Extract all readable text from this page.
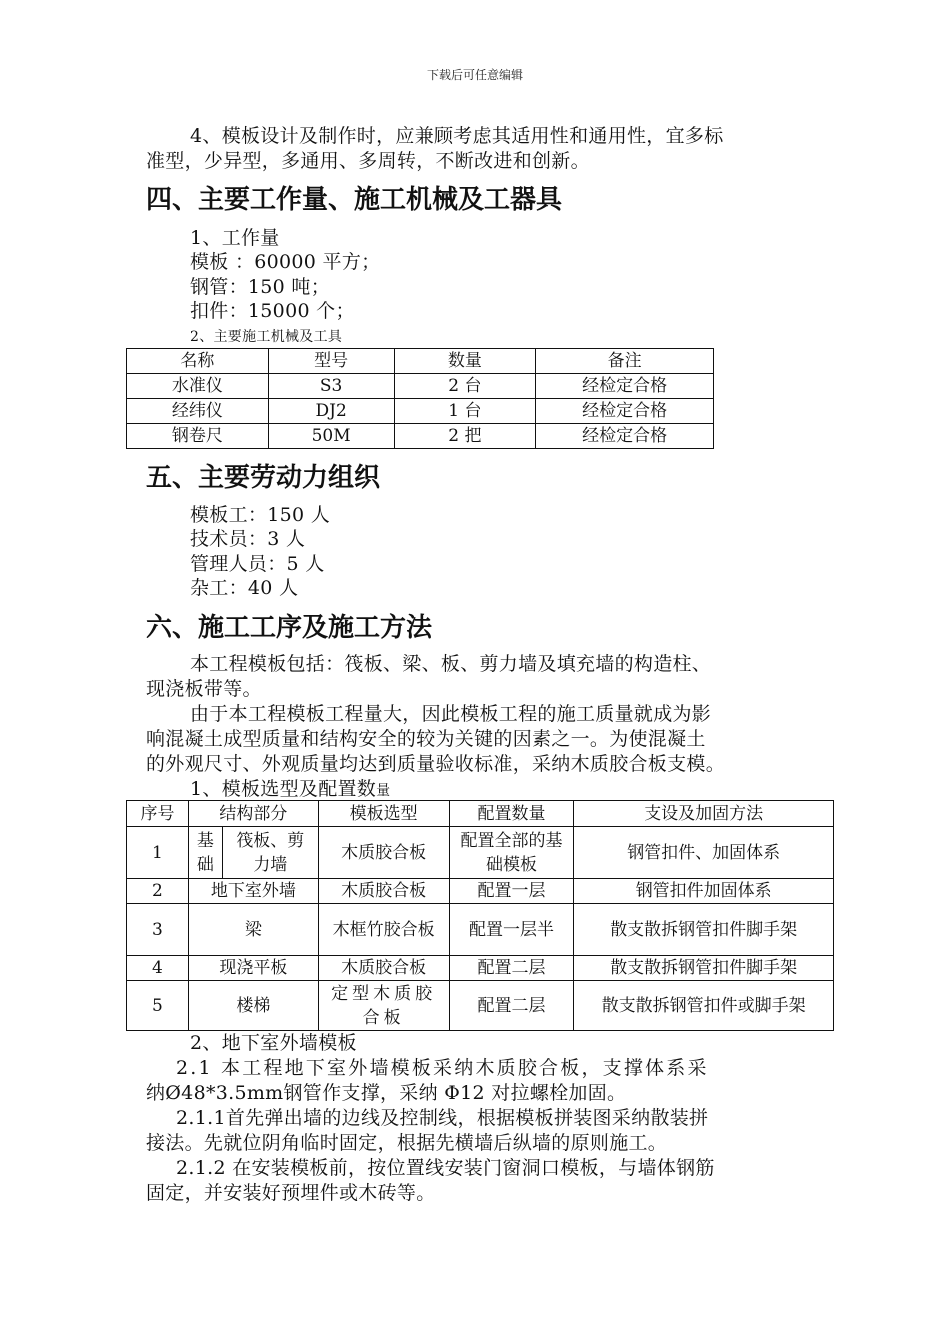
下载后可任意编辑
4、模板设计及制作时，应兼顾考虑其适用性和通用性，宜多标
准型，少异型，多通用、多周转，不断改进和创新。
四、主要工作量、施工机械及工器具
1、工作量
模板 ：60000 平方；
钢管：150 吨；
扣件：15000 个；
2、主要施工机械及工具
名称	型号	数量	备注
水准仪	S3	2 台	经检定合格
经纬仪	DJ2	1 台	经检定合格
钢卷尺	50M	2 把	经检定合格
五、主要劳动力组织
模板工：150 人
技术员：3 人
管理人员：5 人
杂工：40 人
六、施工工序及施工方法
本工程模板包括：筏板、梁、板、剪力墙及填充墙的构造柱、
现浇板带等。
由于本工程模板工程量大，因此模板工程的施工质量就成为影
响混凝土成型质量和结构安全的较为关键的因素之一。为使混凝土
的外观尺寸、外观质量均达到质量验收标准，采纳木质胶合板支模。
1、模板选型及配置数量
序号	结构部分		模板选型	配置数量	支设及加固方法
1	基础	筏板、剪力墙	木质胶合板	配置全部的基础模板	钢管扣件、加固体系
2	地下室外墙		木质胶合板	配置一层	钢管扣件加固体系
3	梁		木框竹胶合板	配置一层半	散支散拆钢管扣件脚手架
4	现浇平板		木质胶合板	配置二层	散支散拆钢管扣件脚手架
5	楼梯		定型木质胶合板	配置二层	散支散拆钢管扣件或脚手架
2、地下室外墙模板
2.1 本工程地下室外墙模板采纳木质胶合板，支撑体系采
纳Ø48*3.5mm钢管作支撑，采纳 Φ12 对拉螺栓加固。
2.1.1首先弹出墙的边线及控制线，根据模板拼装图采纳散装拼
接法。先就位阴角临时固定，根据先横墙后纵墙的原则施工。
2.1.2 在安装模板前，按位置线安装门窗洞口模板，与墙体钢筋
固定，并安装好预埋件或木砖等。
